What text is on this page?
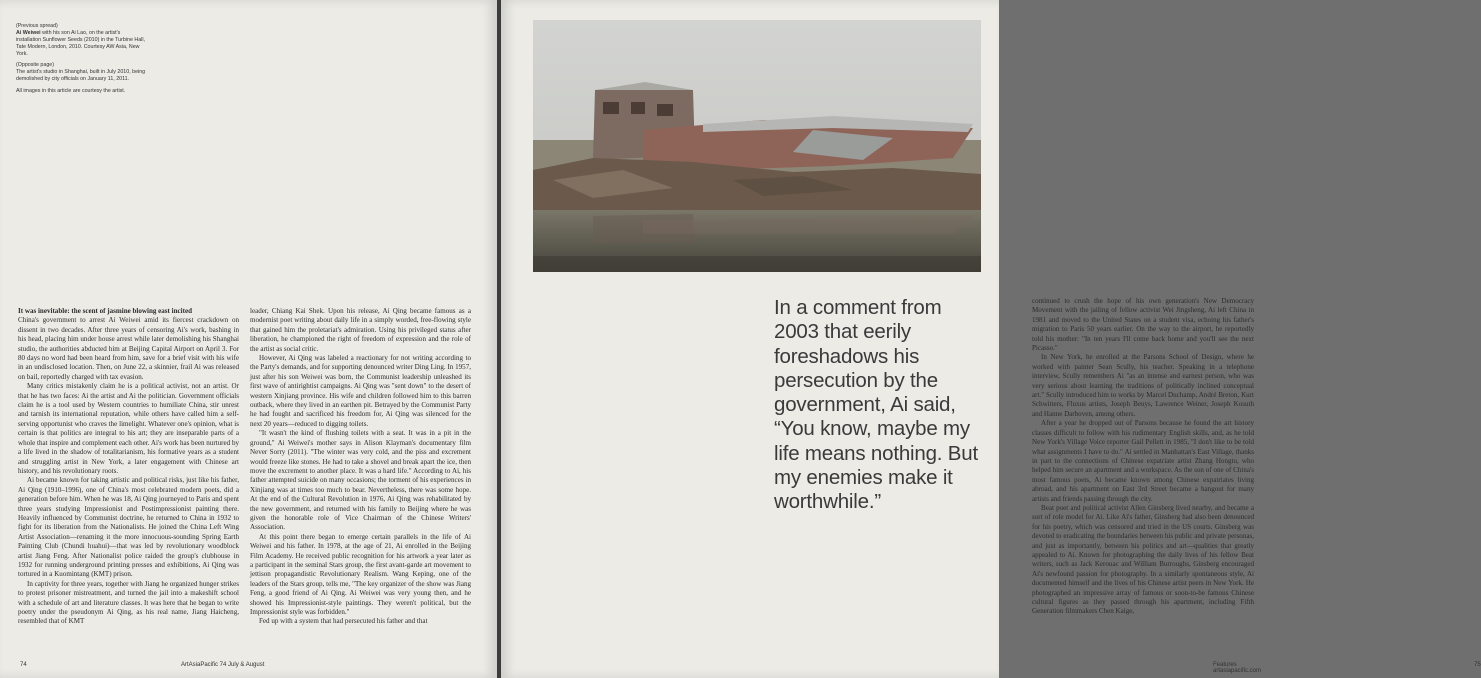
(Previous spread)
Ai Weiwei with his son Ai Lao, on the artist's installation Sunflower Seeds (2010) in the Turbine Hall, Tate Modern, London, 2010. Courtesy AW Asia, New York.

(Opposite page)
The artist's studio in Shanghai, built in July 2010, being demolished by city officials on January 11, 2011.

All images in this article are courtesy the artist.

It was inevitable: the scent of jasmine blowing east incited
China's government to arrest Ai Weiwei amid its fiercest crackdown on dissent in two decades. After three years of censoring Ai's work, bashing in his head, placing him under house arrest while later demolishing his Shanghai studio, the authorities abducted him at Beijing Capital Airport on April 3. For 80 days no word had been heard from him, save for a brief visit with his wife in an undisclosed location. Then, on June 22, a skinnier, frail Ai was released on bail, reportedly charged with tax evasion.

Many critics mistakenly claim he is a political activist, not an artist. Or that he has two faces: Ai the artist and Ai the politician. Government officials claim he is a tool used by Western countries to humiliate China, stir unrest and tarnish its international reputation, while others have called him a self-serving opportunist who craves the limelight. Whatever one's opinion, what is certain is that politics are integral to his art; they are inseparable parts of a whole that inspire and complement each other. Ai's work has been nurtured by a life lived in the shadow of totalitarianism, his formative years as a student and struggling artist in New York, a later engagement with Chinese art history, and his revolutionary roots.

Ai became known for taking artistic and political risks, just like his father, Ai Qing (1910–1996), one of China's most celebrated modern poets, did a generation before him. When he was 18, Ai Qing journeyed to Paris and spent three years studying Impressionist and Postimpressionist painting there. Heavily influenced by Communist doctrine, he returned to China in 1932 to fight for its liberation from the Nationalists. He joined the China Left Wing Artist Association—renaming it the more innocuous-sounding Spring Earth Painting Club (Chundi huahui)—that was led by revolutionary woodblock artist Jiang Feng. After Nationalist police raided the group's clubhouse in 1932 for running underground printing presses and exhibitions, Ai Qing was tortured in a Kuomintang (KMT) prison.

In captivity for three years, together with Jiang he organized hunger strikes to protest prisoner mistreatment, and turned the jail into a makeshift school with a schedule of art and literature classes. It was here that he began to write poetry under the pseudonym Ai Qing, as his real name, Jiang Haicheng, resembled that of KMT

leader, Chiang Kai Shek. Upon his release, Ai Qing became famous as a modernist poet writing about daily life in a simply worded, free-flowing style that gained him the proletariat's admiration. Using his privileged status after liberation, he championed the right of freedom of expression and the role of the artist as social critic.

However, Ai Qing was labeled a reactionary for not writing according to the Party's demands, and for supporting denounced writer Ding Ling. In 1957, just after his son Weiwei was born, the Communist leadership unleashed its first wave of antirightist campaigns. Ai Qing was "sent down" to the desert of western Xinjiang province. His wife and children followed him to this barren outback, where they lived in an earthen pit. Betrayed by the Communist Party he had fought and sacrificed his freedom for, Ai Qing was silenced for the next 20 years—reduced to digging toilets.

"It wasn't the kind of flushing toilets with a seat. It was in a pit in the ground," Ai Weiwei's mother says in Alison Klayman's documentary film Never Sorry (2011). "The winter was very cold, and the piss and excrement would freeze like stones. He had to take a shovel and break apart the ice, then move the excrement to another place. It was a hard life." According to Ai, his father attempted suicide on many occasions; the torment of his experiences in Xinjiang was at times too much to bear. Nevertheless, there was some hope. At the end of the Cultural Revolution in 1976, Ai Qing was rehabilitated by the new government, and returned with his family to Beijing where he was given the honorable role of Vice Chairman of the Chinese Writers' Association.

At this point there began to emerge certain parallels in the life of Ai Weiwei and his father. In 1978, at the age of 21, Ai enrolled in the Beijing Film Academy. He received public recognition for his artwork a year later as a participant in the seminal Stars group, the first avant-garde art movement to jettison propagandistic Revolutionary Realism. Wang Keping, one of the leaders of the Stars group, tells me, "The key organizer of the show was Jiang Feng, a good friend of Ai Qing. Ai Weiwei was very young then, and he showed his Impressionist-style paintings. They weren't political, but the Impressionist style was forbidden."

Fed up with a system that had persecuted his father and that

74	ArtAsiaPacific 74 July & August

continued to crush the hope of his own generation's New Democracy Movement with the jailing of fellow activist Wei Jingsheng, Ai left China in 1981 and moved to the United States on a student visa, echoing his father's migration to Paris 50 years earlier. On the way to the airport, he reportedly told his mother: "In ten years I'll come back home and you'll see the next Picasso."

In New York, he enrolled at the Parsons School of Design, where he worked with painter Sean Scully, his teacher. Speaking in a telephone interview, Scully remembers Ai "as an intense and earnest person, who was very serious about learning the traditions of politically inclined conceptual art." Scully introduced him to works by Marcel Duchamp, André Breton, Kurt Schwitters, Fluxus artists, Joseph Beuys, Lawrence Weiner, Joseph Kosuth and Hanne Darboven, among others.

After a year he dropped out of Parsons because he found the art history classes difficult to follow with his rudimentary English skills, and, as he told New York's Village Voice reporter Gail Pellett in 1985, "I don't like to be told what assignments I have to do." Ai settled in Manhattan's East Village, thanks in part to the connections of Chinese expatriate artist Zhang Hongtu, who helped him secure an apartment and a workspace. As the son of one of China's most famous poets, Ai became known among Chinese expatriates living abroad, and his apartment on East 3rd Street became a hangout for many artists and friends passing through the city.

Beat poet and political activist Allen Ginsberg lived nearby, and became a sort of role model for Ai. Like Ai's father, Ginsberg had also been denounced for his poetry, which was censored and tried in the US courts. Ginsberg was devoted to eradicating the boundaries between his public and private personas, and just as importantly, between his politics and art—qualities that greatly appealed to Ai. Known for photographing the daily lives of his fellow Beat writers, such as Jack Kerouac and William Burroughs, Ginsberg encouraged Ai's newfound passion for photography. In a similarly spontaneous style, Ai documented himself and the lives of his Chinese artist peers in New York. He photographed an impressive array of famous or soon-to-be famous Chinese cultural figures as they passed through his apartment, including Fifth Generation filmmakers Chen Kaige,

In a comment from 2003 that eerily foreshadows his persecution by the government, Ai said, “You know, maybe my life means nothing. But my enemies make it worthwhile.”
Features artasiapacific.com
75
